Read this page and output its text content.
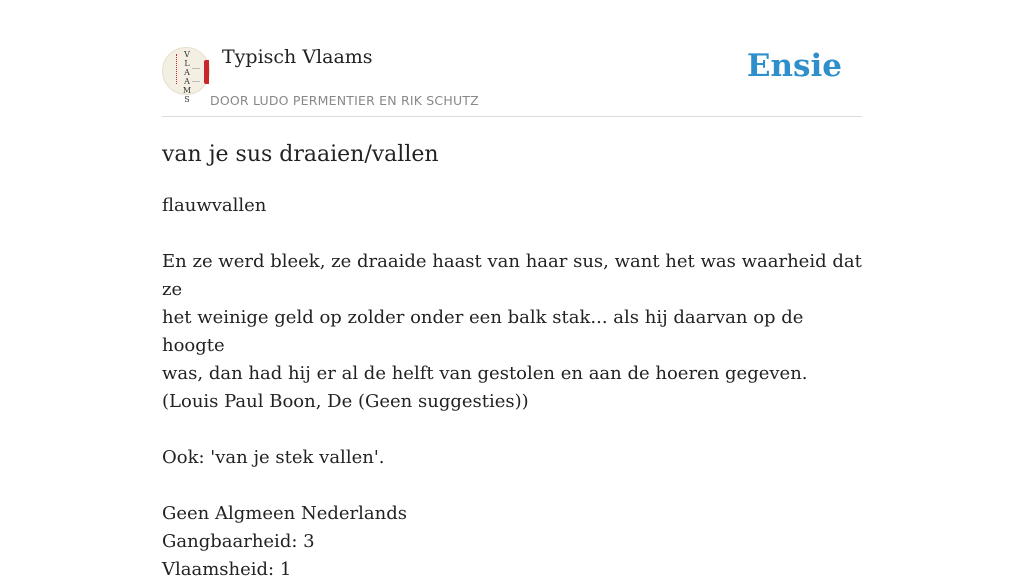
V
L
A
A
M
S
Typisch Vlaams
DOOR LUDO PERMENTIER EN RIK SCHUTZ
Ensie
van je sus draaien/vallen

flauwvallen

En ze werd bleek, ze draaide haast van haar sus, want het was waarheid dat ze

het weinige geld op zolder onder een balk stak... als hij daarvan op de hoogte

was, dan had hij er al de helft van gestolen en aan de hoeren gegeven.

(Louis Paul Boon, De (Geen suggesties))

Ook: 'van je stek vallen'.

Geen Algmeen Nederlands

Gangbaarheid: 3

Vlaamsheid: 1
